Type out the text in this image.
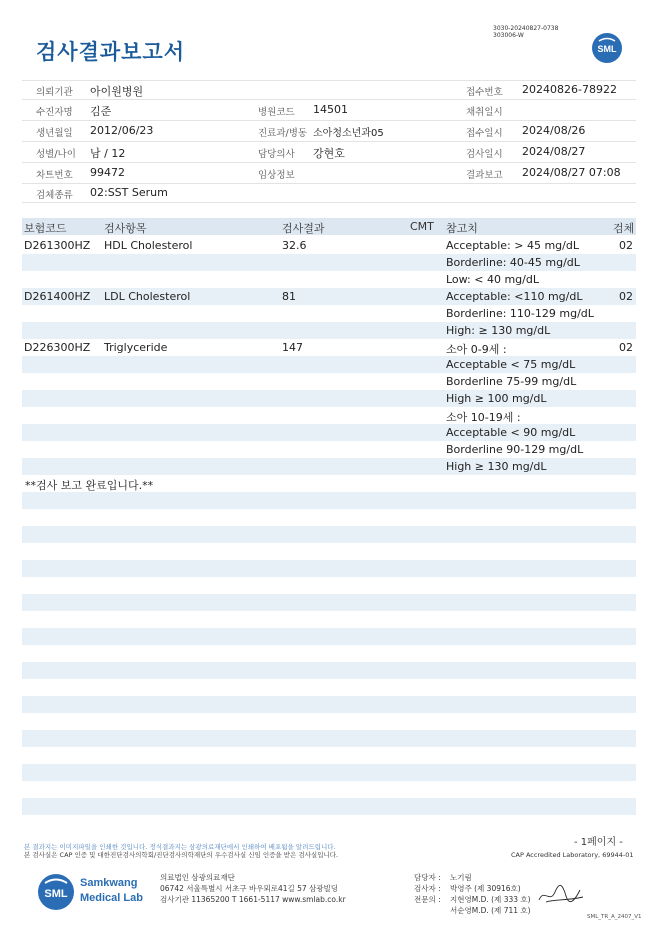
3030-20240827-0738
303006-W
검사결과보고서	SML
의뢰기관 아이원병원	접수번호 20240826-78922
수진자명 김준	병원코드 14501	채취일시
생년월일 2012/06/23	진료과/병동 소아청소년과05	접수일시 2024/08/26
성별/나이 남 / 12	담당의사 강현호	검사일시 2024/08/27
차트번호 99472	임상정보	결과보고 2024/08/27 07:08
검체종류 02:SST Serum
보험코드	검사항목	검사결과	CMT 참고치	검체
D261300HZ HDL Cholesterol	32.6	Acceptable: > 45 mg/dL	02
Borderline: 40-45 mg/dL
Low: < 40 mg/dL
D261400HZ LDL Cholesterol	81	Acceptable: <110 mg/dL	02
Borderline: 110-129 mg/dL
High: ≥ 130 mg/dL
D226300HZ Triglyceride	147	소아 0-9세 :	02
Acceptable < 75 mg/dL
Borderline 75-99 mg/dL
High ≥ 100 mg/dL
소아 10-19세 :
Acceptable < 90 mg/dL
Borderline 90-129 mg/dL
High ≥ 130 mg/dL
**검사 보고 완료입니다.**
본 결과지는 이미지파일을 인쇄한 것입니다. 정식결과지는 삼광의료재단에서 인쇄하여 배포됨을 알려드립니다.
본 검사실은 CAP 인증 및 대한진단검사의학회/진단검사의학재단의 우수검사실 신임 인증을 받은 검사실입니다.
- 1페이지 -
CAP Accredited Laboratory, 69944-01
SML
Samkwang
Medical Lab
의료법인 삼광의료재단
06742 서울특별시 서초구 바우뫼로41길 57 삼광빌딩
검사기관 11365200 T 1661-5117 www.smlab.co.kr
담당자 : 노기림
검사자 : 박영주 (제 30916호)
전문의 : 지현영M.D. (제 333 호)
서순영M.D. (제 711 호)
SML_TR_A_2407_V1
